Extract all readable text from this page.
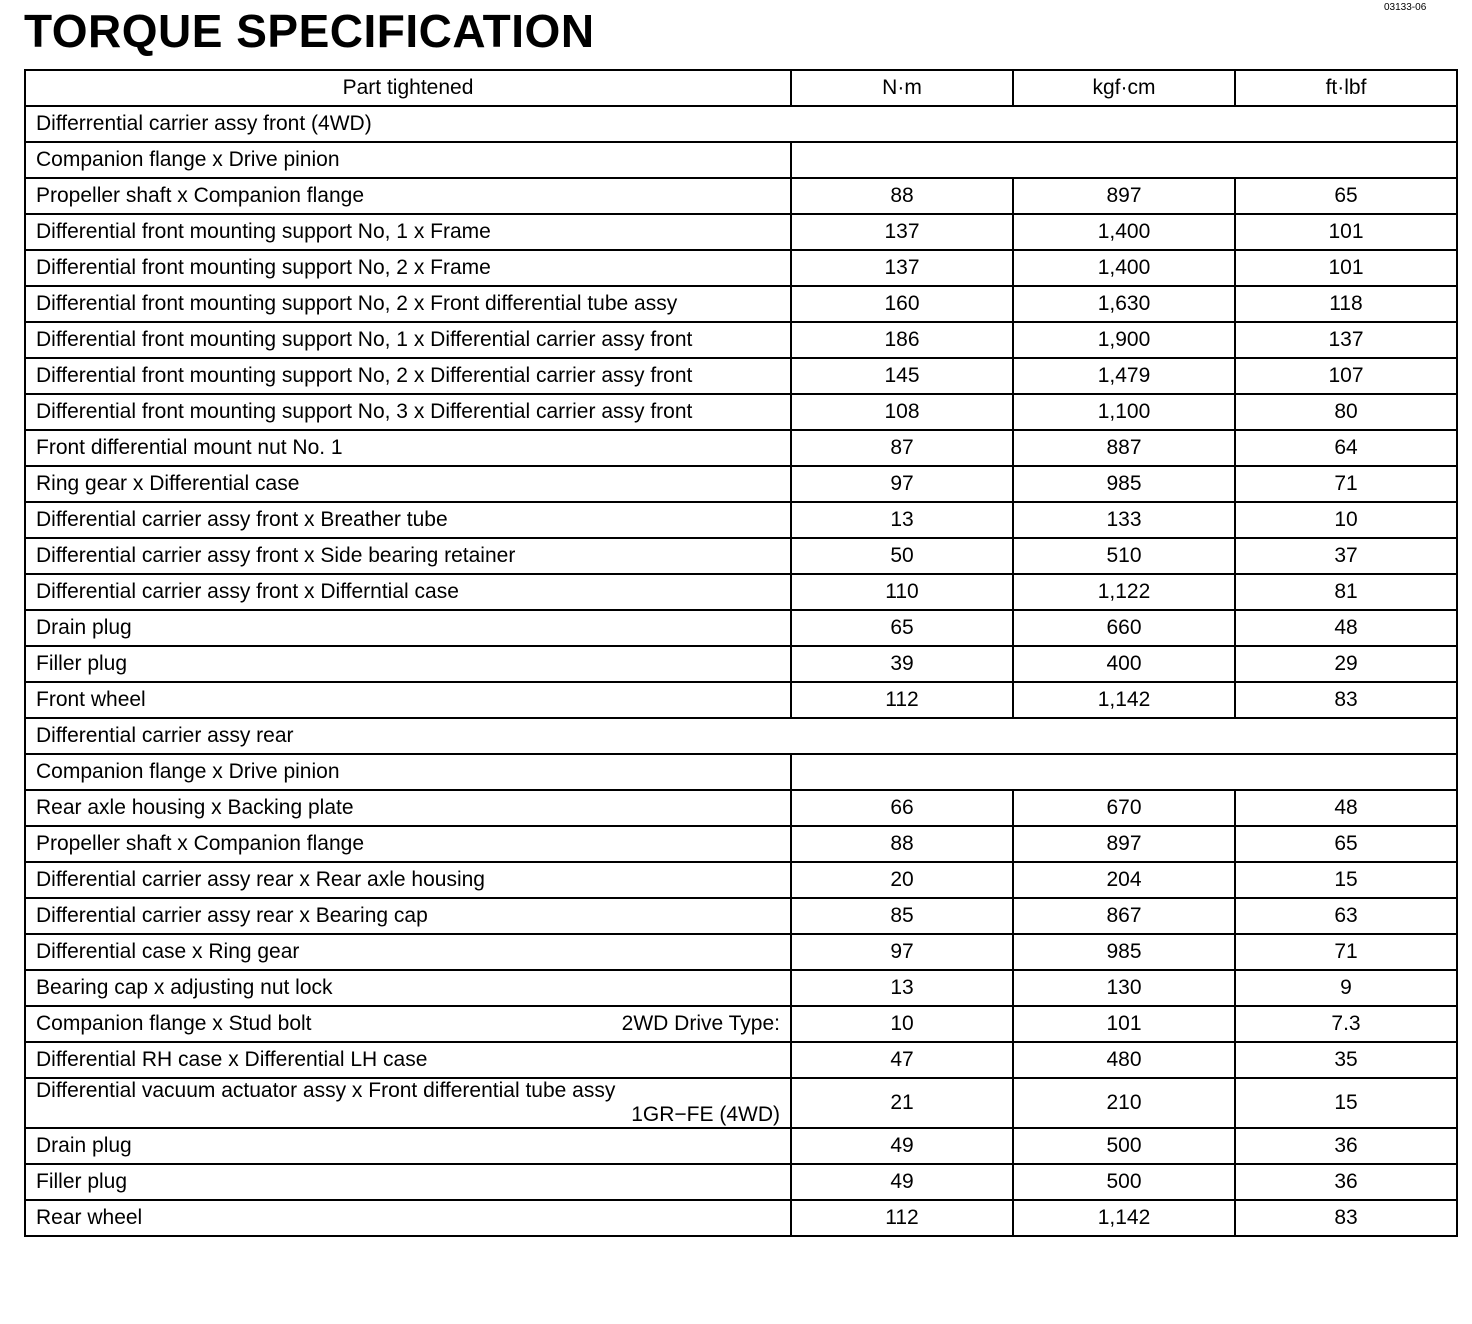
03133-06
TORQUE SPECIFICATION
Part tightened	N·m	kgf·cm	ft·lbf
Differrential carrier assy front (4WD)			
Companion flange x Drive pinion			
Propeller shaft x Companion flange	88	897	65
Differential front mounting support No, 1 x Frame	137	1,400	101
Differential front mounting support No, 2 x Frame	137	1,400	101
Differential front mounting support No, 2 x Front differential tube assy	160	1,630	118
Differential front mounting support No, 1 x Differential carrier assy front	186	1,900	137
Differential front mounting support No, 2 x Differential carrier assy front	145	1,479	107
Differential front mounting support No, 3 x Differential carrier assy front	108	1,100	80
Front differential mount nut No. 1	87	887	64
Ring gear x Differential case	97	985	71
Differential carrier assy front x Breather tube	13	133	10
Differential carrier assy front x Side bearing retainer	50	510	37
Differential carrier assy front x Differntial case	110	1,122	81
Drain plug	65	660	48
Filler plug	39	400	29
Front wheel	112	1,142	83
Differential carrier assy rear			
Companion flange x Drive pinion			
Rear axle housing x Backing plate	66	670	48
Propeller shaft x Companion flange	88	897	65
Differential carrier assy rear x Rear axle housing	20	204	15
Differential carrier assy rear x Bearing cap	85	867	63
Differential case x Ring gear	97	985	71
Bearing cap x adjusting nut lock	13	130	9

2WD Drive Type:
Companion flange x Stud bolt	10	101	7.3
Differential RH case x Differential LH case	47	480	35

Differential vacuum actuator assy x Front differential tube assy
1GR−FE (4WD)	21	210	15
Drain plug	49	500	36
Filler plug	49	500	36
Rear wheel	112	1,142	83
